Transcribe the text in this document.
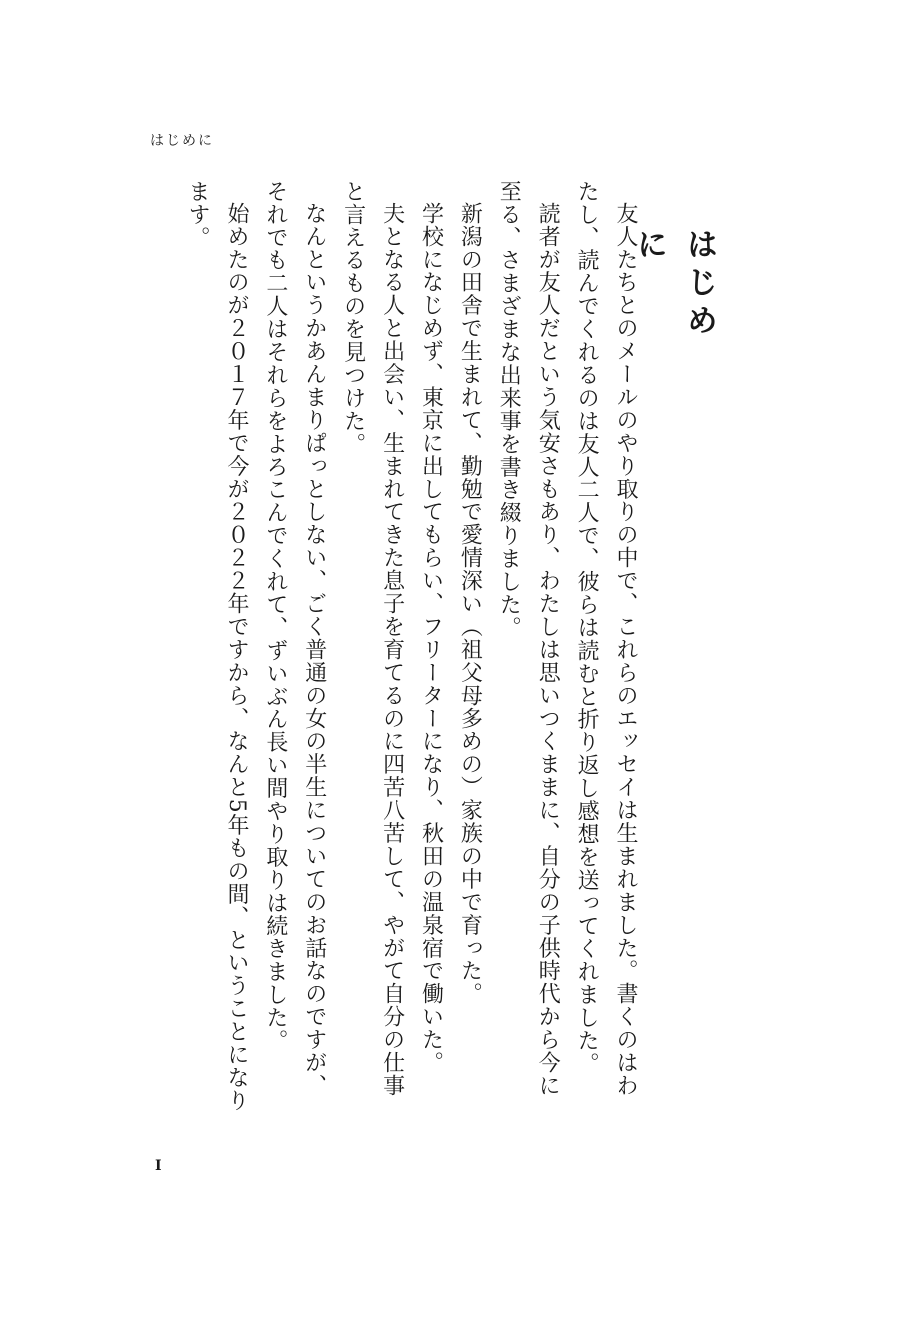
はじめに
はじめに

友人たちとのメールのやり取りの中で、これらのエッセイは生まれました。書くのはわたし、読んでくれるのは友人二人で、彼らは読むと折り返し感想を送ってくれました。

読者が友人だという気安さもあり、わたしは思いつくままに、自分の子供時代から今に至る、さまざまな出来事を書き綴りました。

新潟の田舎で生まれて、勤勉で愛情深い（祖父母多めの）家族の中で育った。

学校になじめず、東京に出してもらい、フリーターになり、秋田の温泉宿で働いた。

夫となる人と出会い、生まれてきた息子を育てるのに四苦八苦して、やがて自分の仕事と言えるものを見つけた。

なんというかあんまりぱっとしない、ごく普通の女の半生についてのお話なのですが、それでも二人はそれらをよろこんでくれて、ずいぶん長い間やり取りは続きました。

始めたのが２０１７年で今が２０２２年ですから、なんと5年もの間、ということになります。

I
